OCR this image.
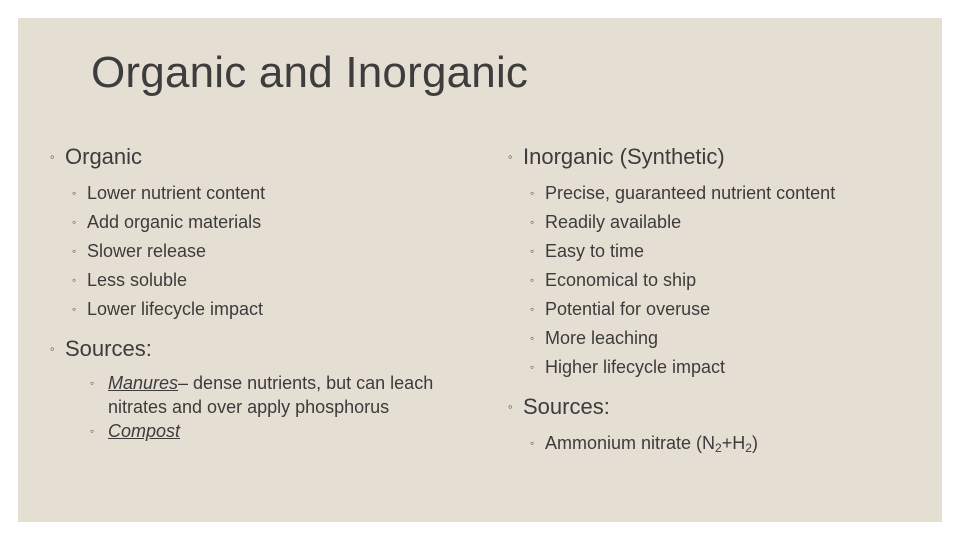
Organic and Inorganic
◦ Organic
◦ Lower nutrient content
◦ Add organic materials
◦ Slower release
◦ Less soluble
◦ Lower lifecycle impact
◦ Sources:
◦ Manures– dense nutrients, but can leach nitrates and over apply phosphorus
◦ Compost
◦ Inorganic (Synthetic)
◦ Precise, guaranteed nutrient content
◦ Readily available
◦ Easy to time
◦ Economical to ship
◦ Potential for overuse
◦ More leaching
◦ Higher lifecycle impact
◦ Sources:
◦ Ammonium nitrate $(N_2+H_2)$
